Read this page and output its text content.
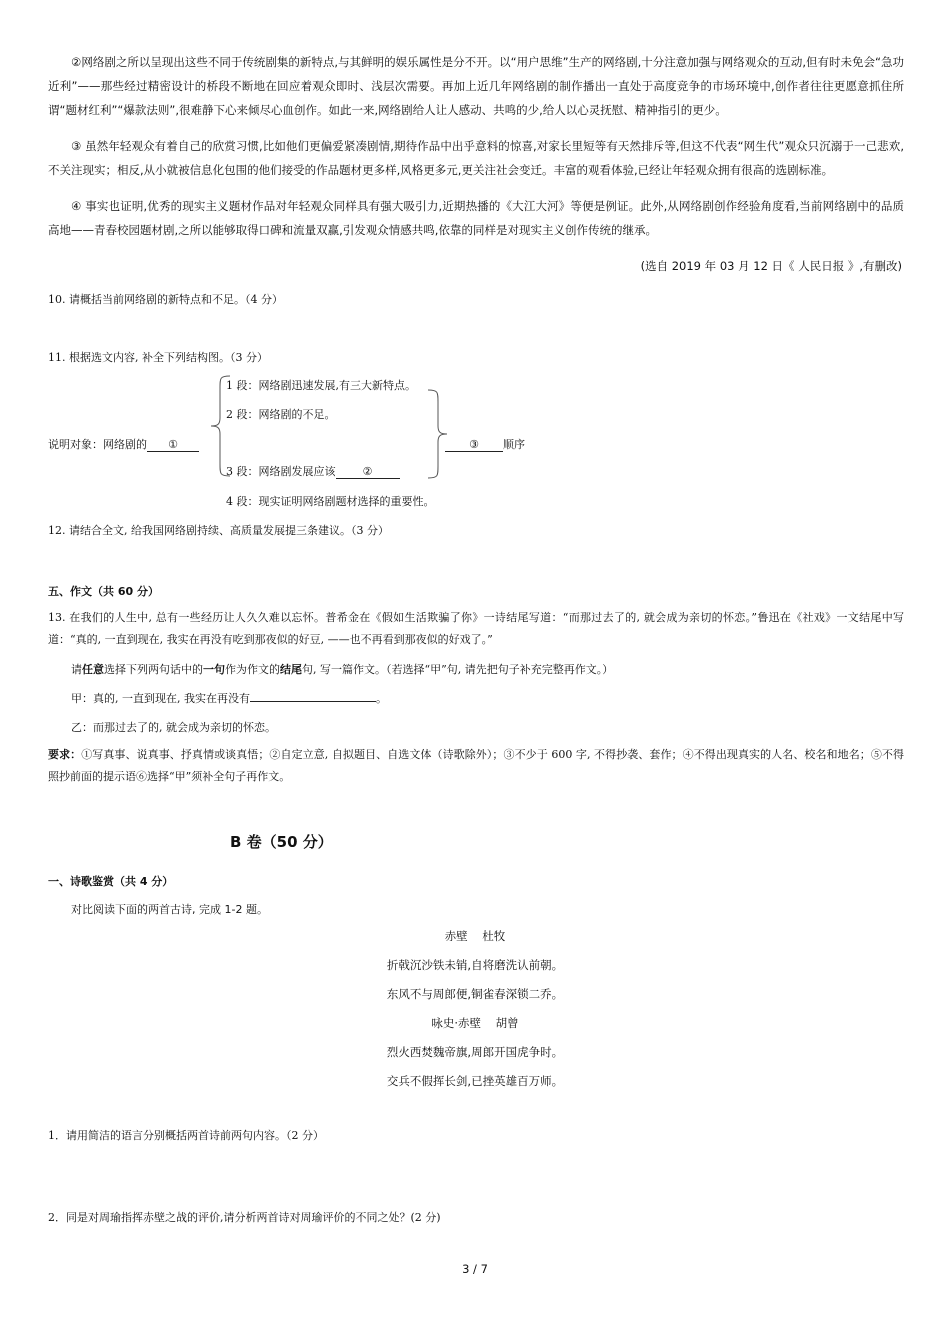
②网络剧之所以呈现出这些不同于传统剧集的新特点,与其鲜明的娱乐属性是分不开。以“用户思维”生产的网络剧,十分注意加强与网络观众的互动,但有时未免会“急功近利”——那些经过精密设计的桥段不断地在回应着观众即时、浅层次需要。再加上近几年网络剧的制作播出一直处于高度竞争的市场环境中,创作者往往更愿意抓住所谓“题材红利”“爆款法则”,很难静下心来倾尽心血创作。如此一来,网络剧给人让人感动、共鸣的少,给人以心灵抚慰、精神指引的更少。
③ 虽然年轻观众有着自己的欣赏习惯,比如他们更偏爱紧凑剧情,期待作品中出乎意料的惊喜,对家长里短等有天然排斥等,但这不代表“网生代”观众只沉溺于一己悲欢,不关注现实；相反,从小就被信息化包围的他们接受的作品题材更多样,风格更多元,更关注社会变迁。丰富的观看体验,已经让年轻观众拥有很高的选剧标准。
④ 事实也证明,优秀的现实主义题材作品对年轻观众同样具有强大吸引力,近期热播的《大江大河》等便是例证。此外,从网络剧创作经验角度看,当前网络剧中的品质高地——青春校园题材剧,之所以能够取得口碑和流量双赢,引发观众情感共鸣,依靠的同样是对现实主义创作传统的继承。
(选自 2019 年 03 月 12 日《 人民日报 》,有删改)
10. 请概括当前网络剧的新特点和不足。（4 分）
11. 根据选文内容, 补全下列结构图。（3 分）
说明对象：网络剧的 ①
1 段：网络剧迅速发展,有三大新特点。
2 段：网络剧的不足。
3 段：网络剧发展应该 ②
4 段：现实证明网络剧题材选择的重要性。
③ 顺序
12. 请结合全文, 给我国网络剧持续、高质量发展提三条建议。（3 分）
五、作文（共 60 分）
13. 在我们的人生中, 总有一些经历让人久久难以忘怀。普希金在《假如生活欺骗了你》一诗结尾写道：“而那过去了的, 就会成为亲切的怀恋。”鲁迅在《社戏》一文结尾中写道：“真的, 一直到现在, 我实在再没有吃到那夜似的好豆, ——也不再看到那夜似的好戏了。”
请任意选择下列两句话中的一句作为作文的结尾句, 写一篇作文。（若选择“甲”句, 请先把句子补充完整再作文。）
甲：真的, 一直到现在, 我实在再没有	。
乙：而那过去了的, 就会成为亲切的怀恋。
要求：①写真事、说真事、抒真情或谈真悟；②自定立意, 自拟题目、自选文体（诗歌除外）；③不少于 600 字, 不得抄袭、套作；④不得出现真实的人名、校名和地名；⑤不得照抄前面的提示语⑥选择“甲”须补全句子再作文。
B 卷（50 分）
一、诗歌鉴赏（共 4 分）
对比阅读下面的两首古诗, 完成 1-2 题。
赤壁    杜牧
折戟沉沙铁未销,自将磨洗认前朝。
东风不与周郎便,铜雀春深锁二乔。
咏史·赤壁    胡曾
烈火西焚魏帝旗,周郎开国虎争时。
交兵不假挥长剑,已挫英雄百万师。
1．请用简洁的语言分别概括两首诗前两句内容。（2 分）
2．同是对周瑜指挥赤壁之战的评价,请分析两首诗对周瑜评价的不同之处？(2 分)
3 / 7
